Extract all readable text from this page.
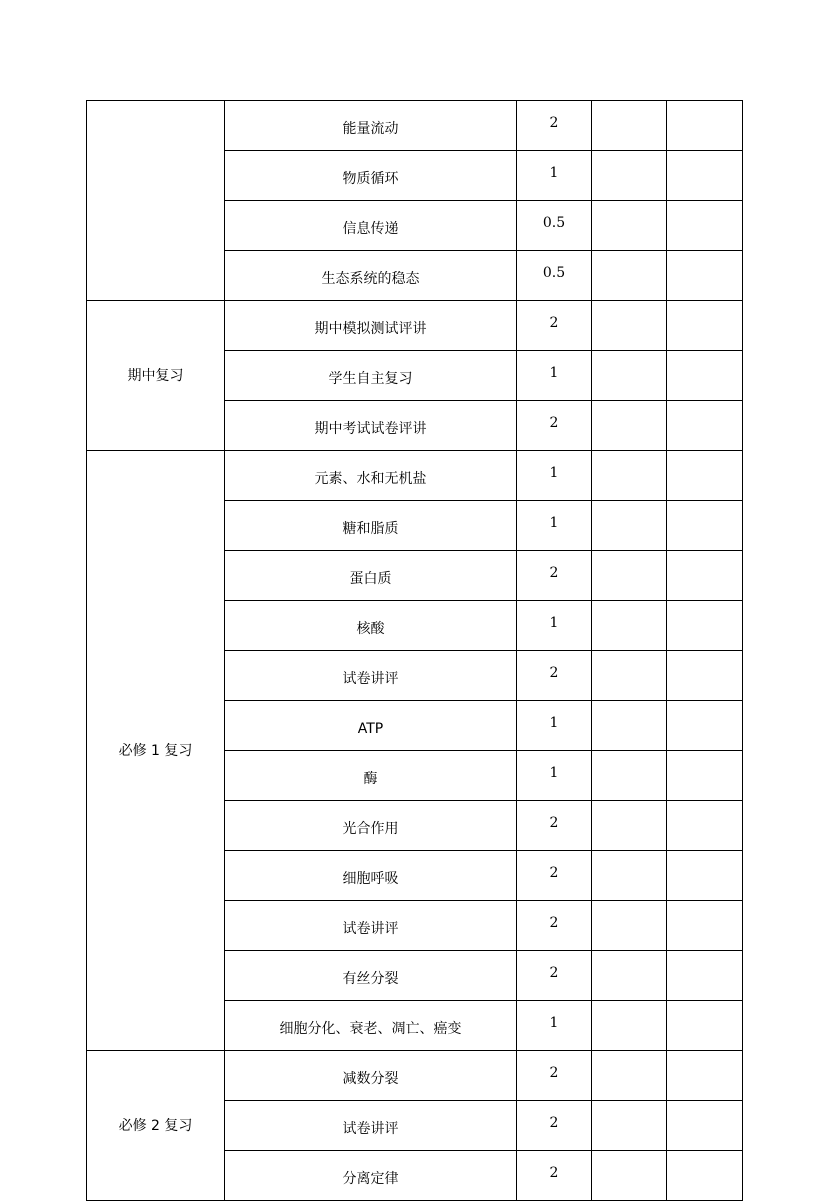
	能量流动	2		
	物质循环	1		
	信息传递	0.5		
	生态系统的稳态	0.5		
期中复习	期中模拟测试评讲	2		
	学生自主复习	1		
	期中考试试卷评讲	2		
必修 1 复习	元素、水和无机盐	1		
	糖和脂质	1		
	蛋白质	2		
	核酸	1		
	试卷讲评	2		
	ATP	1		
	酶	1		
	光合作用	2		
	细胞呼吸	2		
	试卷讲评	2		
	有丝分裂	2		
	细胞分化、衰老、凋亡、癌变	1		
必修 2 复习	减数分裂	2		
	试卷讲评	2		
	分离定律	2		
